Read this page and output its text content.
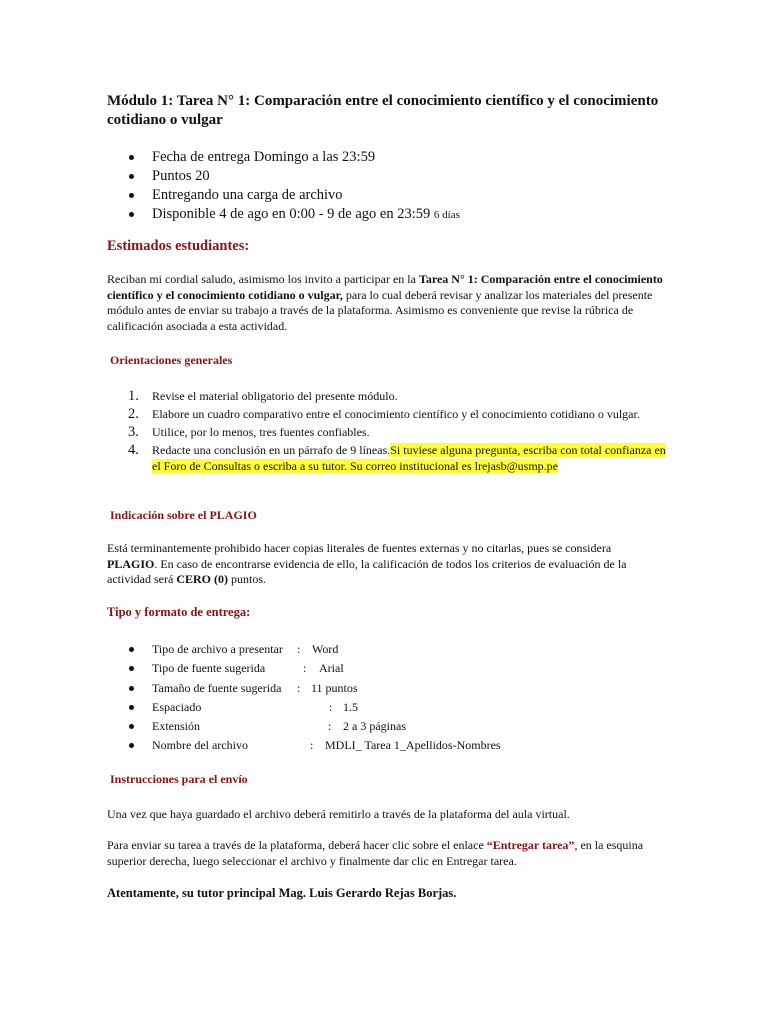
Módulo 1: Tarea N° 1: Comparación entre el conocimiento científico y el conocimiento cotidiano o vulgar
Fecha de entrega Domingo a las 23:59
Puntos 20
Entregando una carga de archivo
Disponible 4 de ago en 0:00 - 9 de ago en 23:59 6 días
Estimados estudiantes:

Reciban mi cordial saludo, asimismo los invito a participar en la Tarea N° 1: Comparación entre el conocimiento científico y el conocimiento cotidiano o vulgar, para lo cual deberá revisar y analizar los materiales del presente módulo antes de enviar su trabajo a través de la plataforma. Asimismo es conveniente que revise la rúbrica de calificación asociada a esta actividad.

Orientaciones generales
1. Revise el material obligatorio del presente módulo.
2. Elabore un cuadro comparativo entre el conocimiento científico y el conocimiento cotidiano o vulgar.
3. Utilice, por lo menos, tres fuentes confiables.
4. Redacte una conclusión en un párrafo de 9 líneas.Si tuviese alguna pregunta, escriba con total confianza en el Foro de Consultas o escriba a su tutor. Su correo institucional es lrejasb@usmp.pe
Indicación sobre el PLAGIO

Está terminantemente prohibido hacer copias literales de fuentes externas y no citarlas, pues se considera PLAGIO. En caso de encontrarse evidencia de ello, la calificación de todos los criterios de evaluación de la actividad será CERO (0) puntos.

Tipo y formato de entrega:
Tipo de archivo a presentar : Word
Tipo de fuente sugerida	: Arial
Tamaño de fuente sugerida : 11 puntos
Espaciado	: 1.5
Extensión	: 2 a 3 páginas
Nombre del archivo	: MDLI_ Tarea 1_Apellidos-Nombres
Instrucciones para el envío

Una vez que haya guardado el archivo deberá remitirlo a través de la plataforma del aula virtual.

Para enviar su tarea a través de la plataforma, deberá hacer clic sobre el enlace “Entregar tarea”, en la esquina superior derecha, luego seleccionar el archivo y finalmente dar clic en Entregar tarea.

Atentamente, su tutor principal Mag. Luis Gerardo Rejas Borjas.
